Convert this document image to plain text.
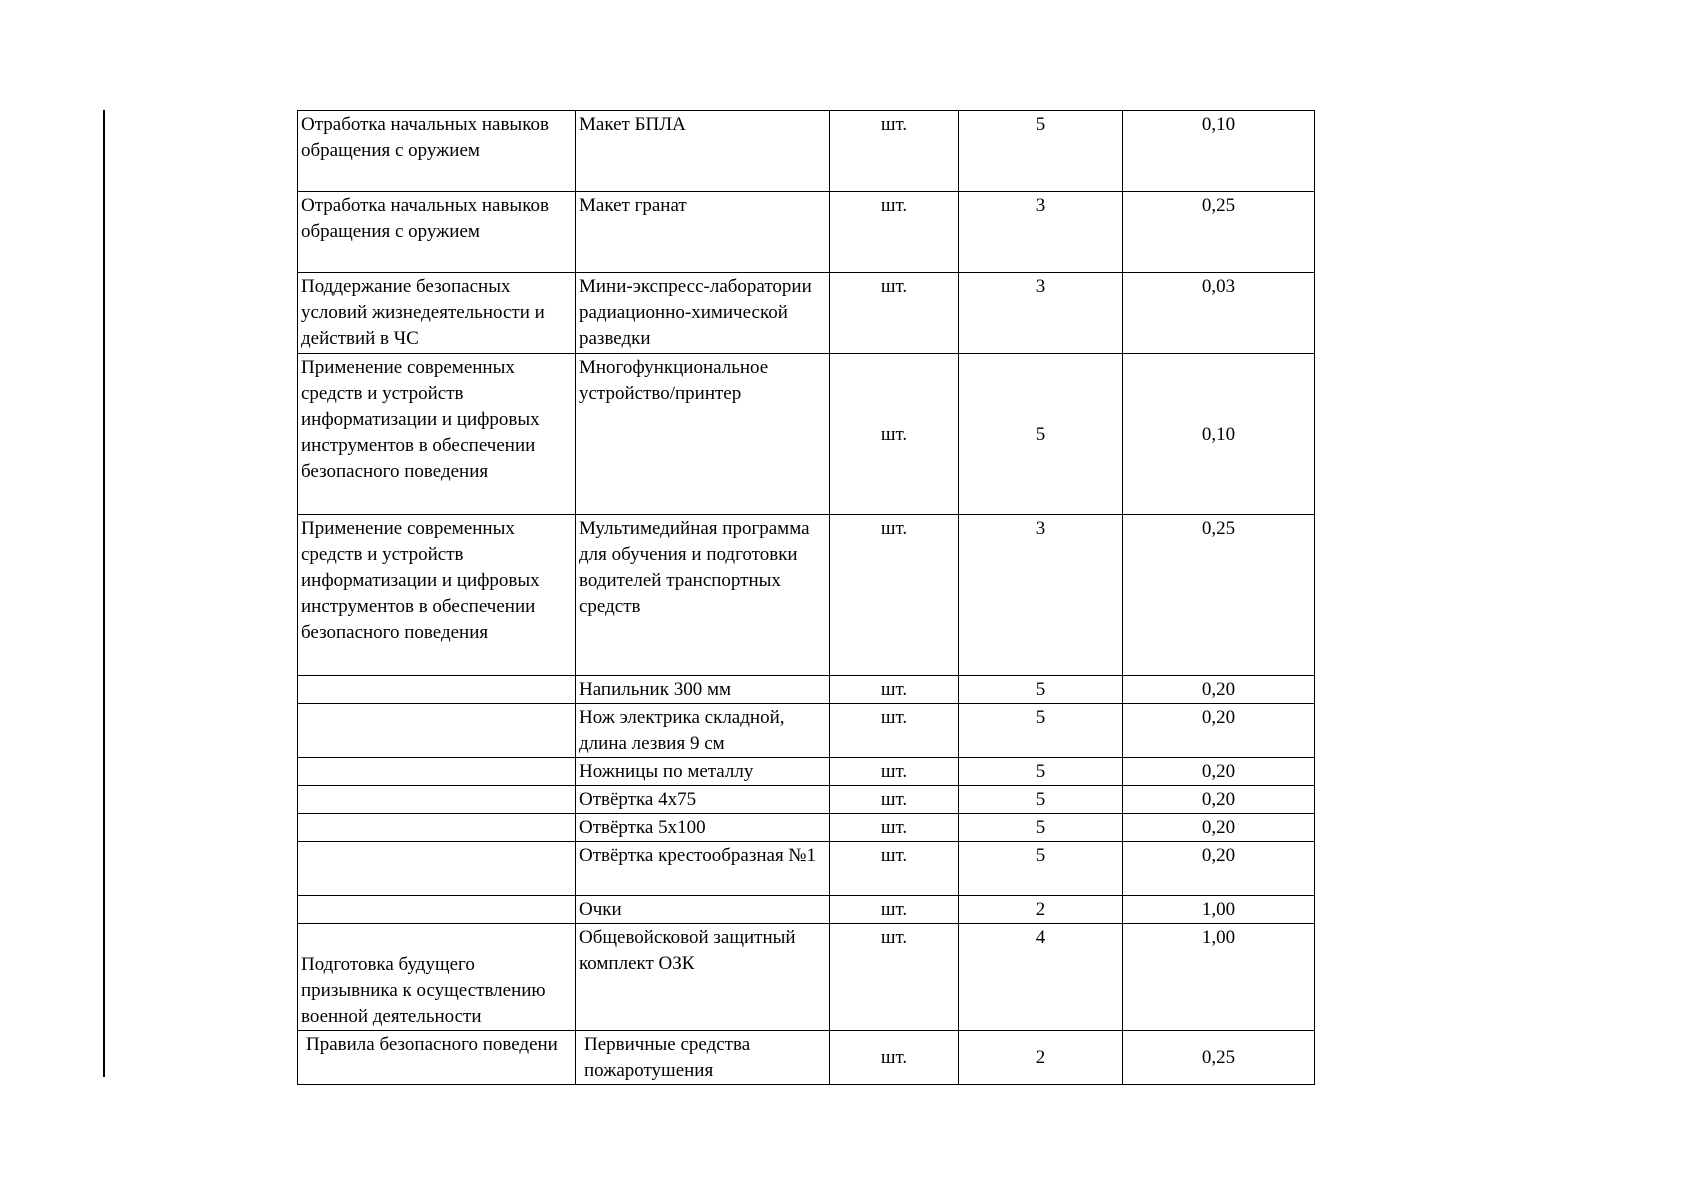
Отработка начальных навыков обращения с оружием	Макет БПЛА	шт.	5	0,10
Отработка начальных навыков обращения с оружием	Макет гранат	шт.	3	0,25
Поддержание безопасных условий жизнедеятельности и действий в ЧС	Мини-экспресс-лаборатории радиационно-химической разведки	шт.	3	0,03
Применение современных средств и устройств информатизации и цифровых инструментов в обеспечении безопасного поведения	Многофункциональное устройство/принтер	шт.	5	0,10
Применение современных средств и устройств информатизации и цифровых инструментов в обеспечении безопасного поведения	Мультимедийная программа для обучения и подготовки водителей транспортных средств	шт.	3	0,25
	Напильник 300 мм	шт.	5	0,20
	Нож электрика складной, длина лезвия 9 см	шт.	5	0,20
	Ножницы по металлу	шт.	5	0,20
	Отвёртка 4х75	шт.	5	0,20
	Отвёртка 5х100	шт.	5	0,20
	Отвёртка крестообразная №1	шт.	5	0,20
	Очки	шт.	2	1,00
Подготовка будущего призывника к осуществлению военной деятельности	Общевойсковой защитный комплект ОЗК	шт.	4	1,00
Правила безопасного поведени	Первичные средства пожаротушения	шт.	2	0,25
